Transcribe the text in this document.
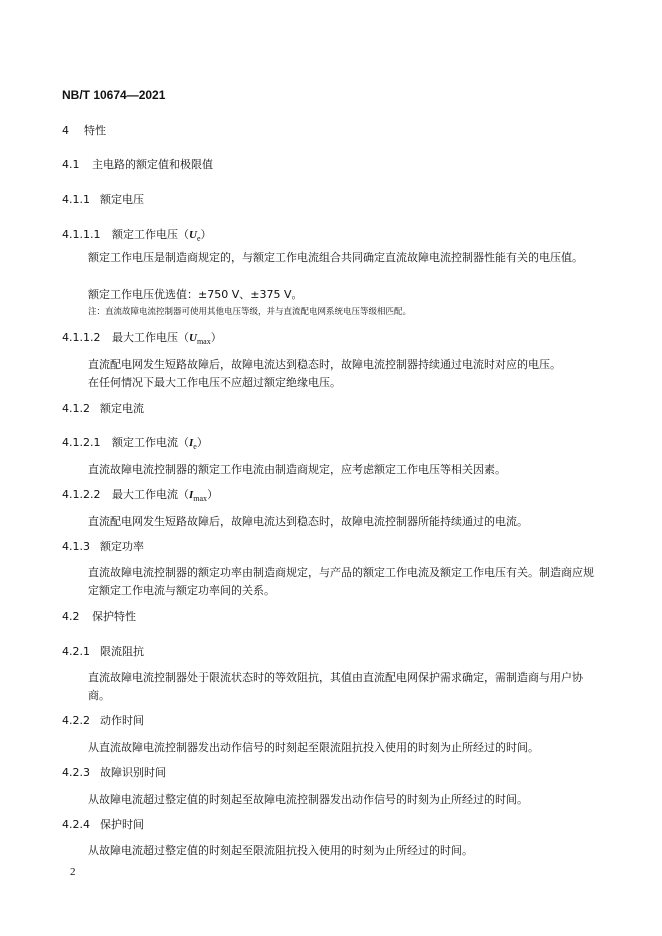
NB/T 10674—2021
4 特性
4.1 主电路的额定值和极限值
4.1.1 额定电压
4.1.1.1 额定工作电压$(U_e)$
额定工作电压是制造商规定的，与额定工作电流组合共同确定直流故障电流控制器性能有关的电压值。
额定工作电压优选值：±750 V、±375 V。
注：直流故障电流控制器可使用其他电压等级，并与直流配电网系统电压等级相匹配。
4.1.1.2 最大工作电压$(U_{max})$
直流配电网发生短路故障后，故障电流达到稳态时，故障电流控制器持续通过电流时对应的电压。
在任何情况下最大工作电压不应超过额定绝缘电压。
4.1.2 额定电流
4.1.2.1 额定工作电流$(I_e)$
直流故障电流控制器的额定工作电流由制造商规定，应考虑额定工作电压等相关因素。
4.1.2.2 最大工作电流$(I_{max})$
直流配电网发生短路故障后，故障电流达到稳态时，故障电流控制器所能持续通过的电流。
4.1.3 额定功率
直流故障电流控制器的额定功率由制造商规定，与产品的额定工作电流及额定工作电压有关。制造商应规定额定工作电流与额定功率间的关系。
4.2 保护特性
4.2.1 限流阻抗
直流故障电流控制器处于限流状态时的等效阻抗，其值由直流配电网保护需求确定，需制造商与用户协商。
4.2.2 动作时间
从直流故障电流控制器发出动作信号的时刻起至限流阻抗投入使用的时刻为止所经过的时间。
4.2.3 故障识别时间
从故障电流超过整定值的时刻起至故障电流控制器发出动作信号的时刻为止所经过的时间。
4.2.4 保护时间
从故障电流超过整定值的时刻起至限流阻抗投入使用的时刻为止所经过的时间。
2
